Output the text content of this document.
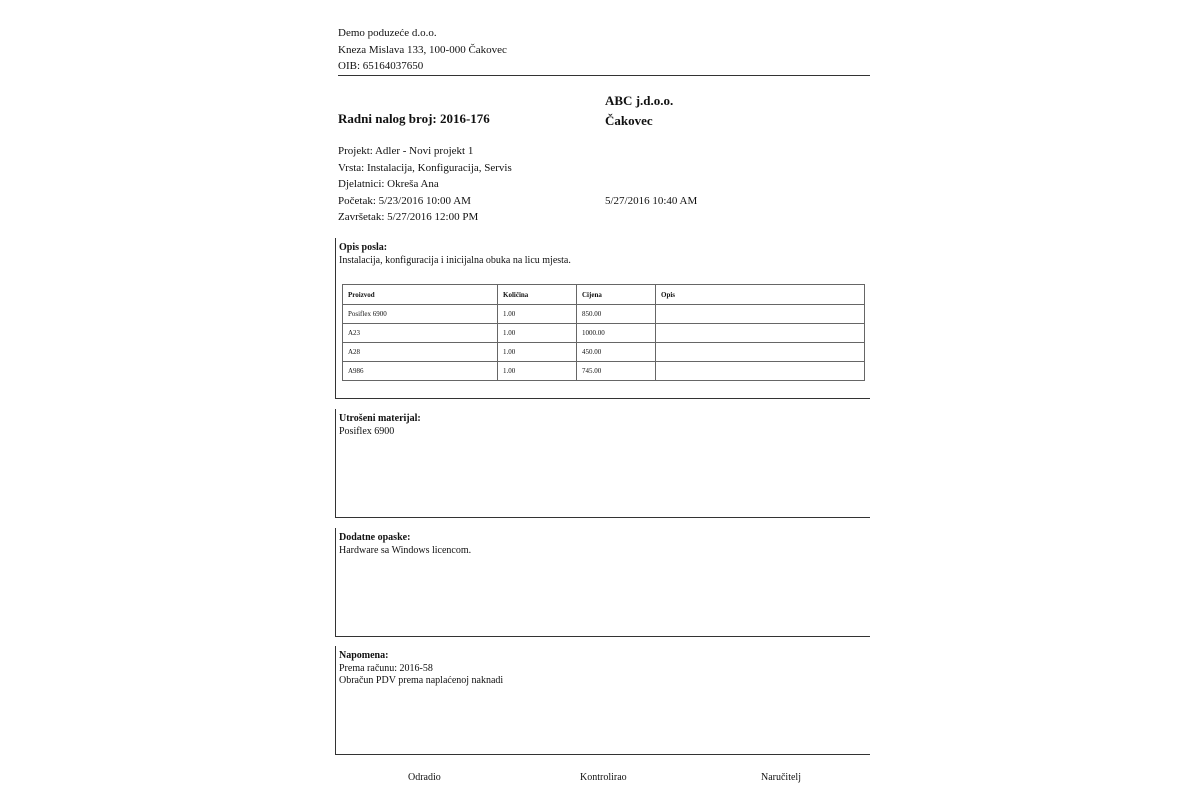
Demo poduzeće d.o.o.
Kneza Mislava 133, 100-000 Čakovec
OIB: 65164037650
ABC j.d.o.o.
Čakovec
Radni nalog broj: 2016-176
Projekt: Adler - Novi projekt 1
Vrsta: Instalacija, Konfiguracija, Servis
Djelatnici: Okreša Ana
Početak: 5/23/2016 10:00 AM
Završetak: 5/27/2016 12:00 PM
5/27/2016 10:40 AM
Opis posla:
Instalacija, konfiguracija i inicijalna obuka na licu mjesta.
Proizvod	Količina	Cijena	Opis
Posiflex 6900	1.00	850.00	
A23	1.00	1000.00	
A28	1.00	450.00	
A986	1.00	745.00	
Utrošeni materijal:
Posiflex 6900
Dodatne opaske:
Hardware sa Windows licencom.
Napomena:
Prema računu: 2016-58
Obračun PDV prema naplaćenoj naknadi
Odradio	Kontrolirao	Naručitelj
